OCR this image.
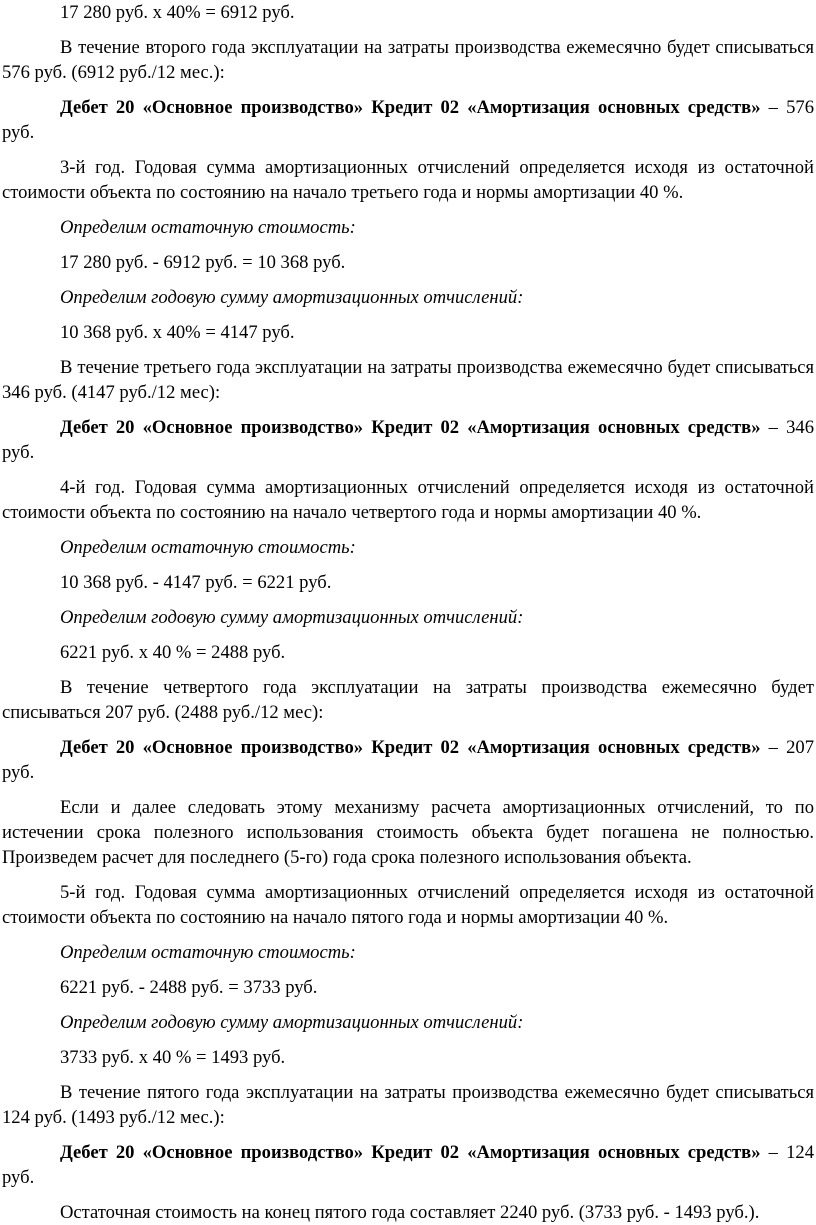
17 280 руб. х 40% = 6912 руб.

В течение второго года эксплуатации на затраты производства ежемесячно будет списываться 576 руб. (6912 руб./12 мес.):

Дебет 20 «Основное производство» Кредит 02 «Амортизация основных средств» – 576 руб.

3-й год. Годовая сумма амортизационных отчислений определяется исходя из остаточной стоимости объекта по состоянию на начало третьего года и нормы амортизации 40 %.

Определим остаточную стоимость:

17 280 руб. - 6912 руб. = 10 368 руб.

Определим годовую сумму амортизационных отчислений:

10 368 руб. х 40% = 4147 руб.

В течение третьего года эксплуатации на затраты производства ежемесячно будет списываться 346 руб. (4147 руб./12 мес):

Дебет 20 «Основное производство» Кредит 02 «Амортизация основных средств» – 346 руб.

4-й год. Годовая сумма амортизационных отчислений определяется исходя из остаточной стоимости объекта по состоянию на начало четвертого года и нормы амортизации 40 %.

Определим остаточную стоимость:

10 368 руб. - 4147 руб. = 6221 руб.

Определим годовую сумму амортизационных отчислений:

6221 руб. х 40 % = 2488 руб.

В течение четвертого года эксплуатации на затраты производства ежемесячно будет списываться 207 руб. (2488 руб./12 мес):

Дебет 20 «Основное производство» Кредит 02 «Амортизация основных средств» – 207 руб.

Если и далее следовать этому механизму расчета амортизационных отчислений, то по истечении срока полезного использования стоимость объекта будет погашена не полностью. Произведем расчет для последнего (5-го) года срока полезного использования объекта.

5-й год. Годовая сумма амортизационных отчислений определяется исходя из остаточной стоимости объекта по состоянию на начало пятого года и нормы амортизации 40 %.

Определим остаточную стоимость:

6221 руб. - 2488 руб. = 3733 руб.

Определим годовую сумму амортизационных отчислений:

3733 руб. х 40 % = 1493 руб.

В течение пятого года эксплуатации на затраты производства ежемесячно будет списываться 124 руб. (1493 руб./12 мес.):

Дебет 20 «Основное производство» Кредит 02 «Амортизация основных средств» – 124 руб.

Остаточная стоимость на конец пятого года составляет 2240 руб. (3733 руб. - 1493 руб.).
